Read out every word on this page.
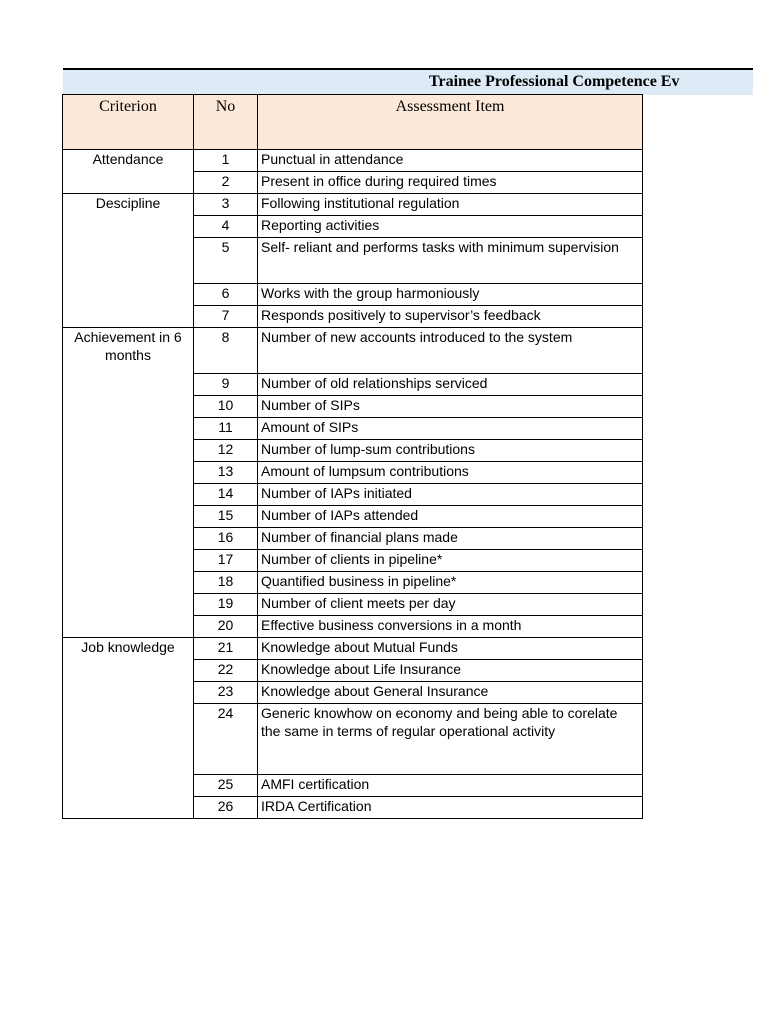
Trainee Professional Competence Ev
Criterion	No	Assessment Item
Attendance	1	Punctual in attendance
	2	Present in office during required times
Descipline	3	Following institutional regulation
	4	Reporting activities
	5	Self- reliant and performs tasks with minimum supervision
	6	Works with the group harmoniously
	7	Responds positively to supervisor’s feedback
Achievement in 6 months	8	Number of new accounts introduced to the system
	9	Number of old relationships serviced
	10	Number of SIPs
	11	Amount of SIPs
	12	Number of lump-sum contributions
	13	Amount of lumpsum contributions
	14	Number of IAPs initiated
	15	Number of IAPs attended
	16	Number of financial plans made
	17	Number of clients in pipeline*
	18	Quantified business in pipeline*
	19	Number of client meets per day
	20	Effective business conversions in a month
Job knowledge	21	Knowledge about Mutual Funds
	22	Knowledge about Life Insurance
	23	Knowledge about General Insurance
	24	Generic knowhow on economy and being able to corelate the same in terms of regular operational activity
	25	AMFI certification
	26	IRDA Certification
